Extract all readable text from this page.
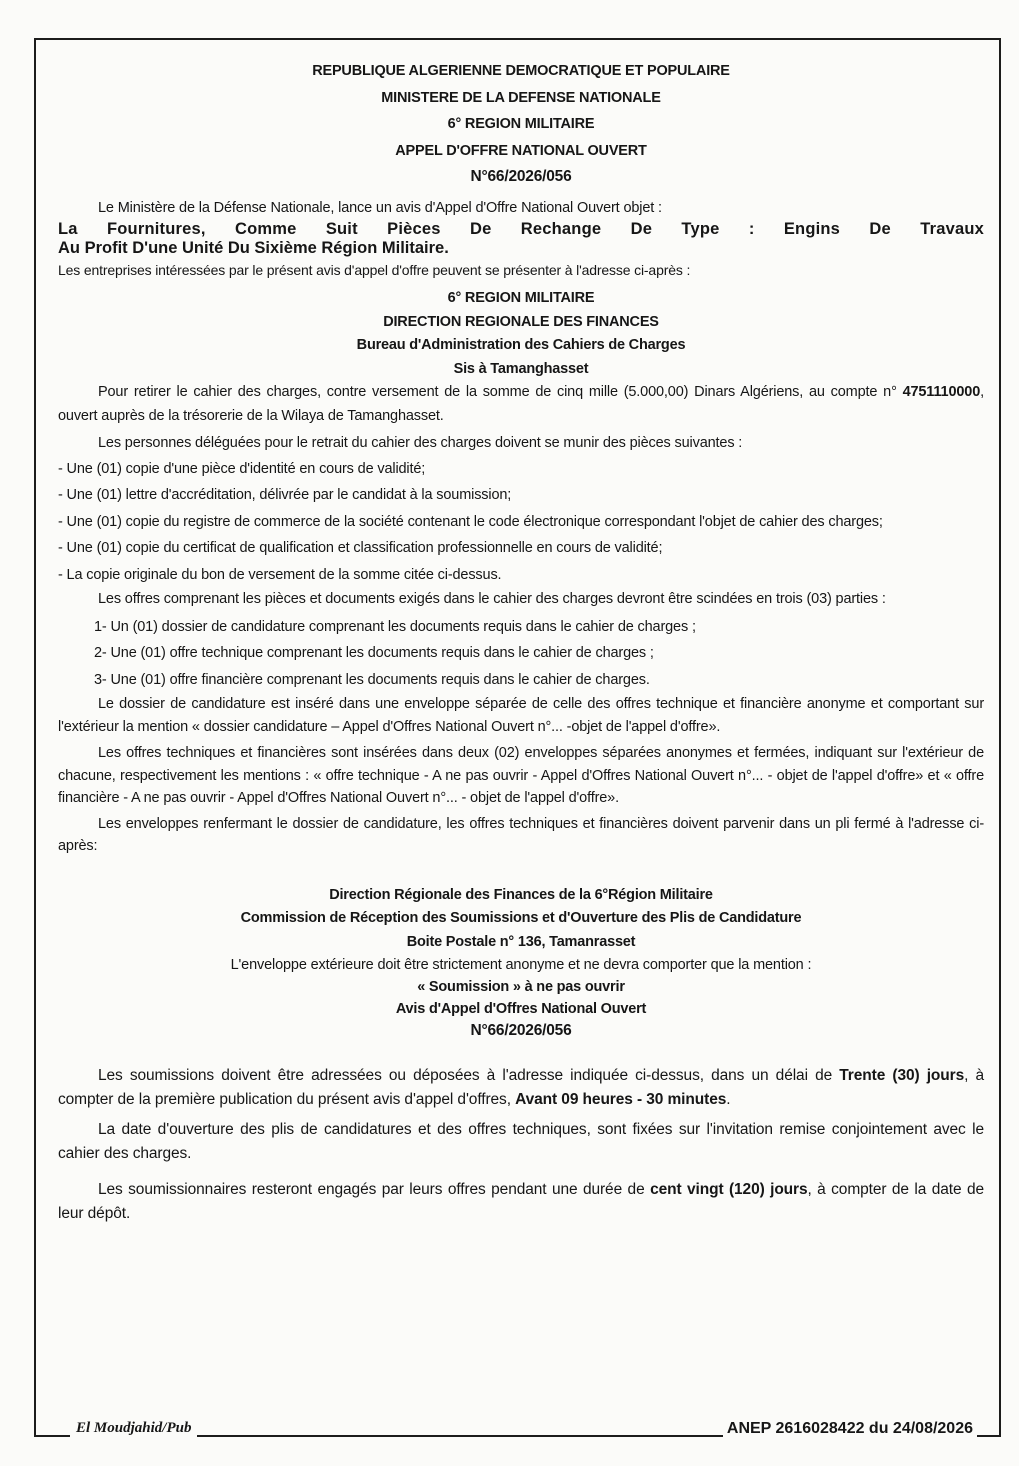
REPUBLIQUE ALGERIENNE DEMOCRATIQUE ET POPULAIRE
MINISTERE DE LA DEFENSE NATIONALE
6° REGION MILITAIRE
APPEL D'OFFRE NATIONAL OUVERT
N°66/2026/056
Le Ministère de la Défense Nationale, lance un avis d'Appel d'Offre National Ouvert objet :
La Fournitures, Comme Suit Pièces De Rechange De Type : Engins De Travaux
Au Profit D'une Unité Du Sixième Région Militaire.
Les entreprises intéressées par le présent avis d'appel d'offre peuvent se présenter à l'adresse ci-après :
6° REGION MILITAIRE
DIRECTION REGIONALE DES FINANCES
Bureau d'Administration des Cahiers de Charges
Sis à Tamanghasset
Pour retirer le cahier des charges, contre versement de la somme de cinq mille (5.000,00) Dinars Algériens, au compte n° 4751110000, ouvert auprès de la trésorerie de la Wilaya de Tamanghasset.
Les personnes déléguées pour le retrait du cahier des charges doivent se munir des pièces suivantes :
- Une (01) copie d'une pièce d'identité en cours de validité;
- Une (01) lettre d'accréditation, délivrée par le candidat à la soumission;
- Une (01) copie du registre de commerce de la société contenant le code électronique correspondant l'objet de cahier des charges;
- Une (01) copie du certificat de qualification et classification professionnelle en cours de validité;
- La copie originale du bon de versement de la somme citée ci-dessus.
Les offres comprenant les pièces et documents exigés dans le cahier des charges devront être scindées en trois (03) parties :
1- Un (01) dossier de candidature comprenant les documents requis dans le cahier de charges ;
2- Une (01) offre technique comprenant les documents requis dans le cahier de charges ;
3- Une (01) offre financière comprenant les documents requis dans le cahier de charges.
Le dossier de candidature est inséré dans une enveloppe séparée de celle des offres technique et financière anonyme et comportant sur l'extérieur la mention « dossier candidature – Appel d'Offres National Ouvert n°... -objet de l'appel d'offre».
Les offres techniques et financières sont insérées dans deux (02) enveloppes séparées anonymes et fermées, indiquant sur l'extérieur de chacune, respectivement les mentions : « offre technique - A ne pas ouvrir - Appel d'Offres National Ouvert n°... - objet de l'appel d'offre» et « offre financière - A ne pas ouvrir - Appel d'Offres National Ouvert n°... - objet de l'appel d'offre».
Les enveloppes renfermant le dossier de candidature, les offres techniques et financières doivent parvenir dans un pli fermé à l'adresse ci-après:
Direction Régionale des Finances de la 6°Région Militaire
Commission de Réception des Soumissions et d'Ouverture des Plis de Candidature
Boite Postale n° 136, Tamanrasset
L'enveloppe extérieure doit être strictement anonyme et ne devra comporter que la mention :
« Soumission » à ne pas ouvrir
Avis d'Appel d'Offres National Ouvert
N°66/2026/056
Les soumissions doivent être adressées ou déposées à l'adresse indiquée ci-dessus, dans un délai de Trente (30) jours, à compter de la première publication du présent avis d'appel d'offres, Avant 09 heures - 30 minutes.
La date d'ouverture des plis de candidatures et des offres techniques, sont fixées sur l'invitation remise conjointement avec le cahier des charges.
Les soumissionnaires resteront engagés par leurs offres pendant une durée de cent vingt (120) jours, à compter de la date de leur dépôt.
El Moudjahid/Pub	ANEP 2616028422 du 24/08/2026
